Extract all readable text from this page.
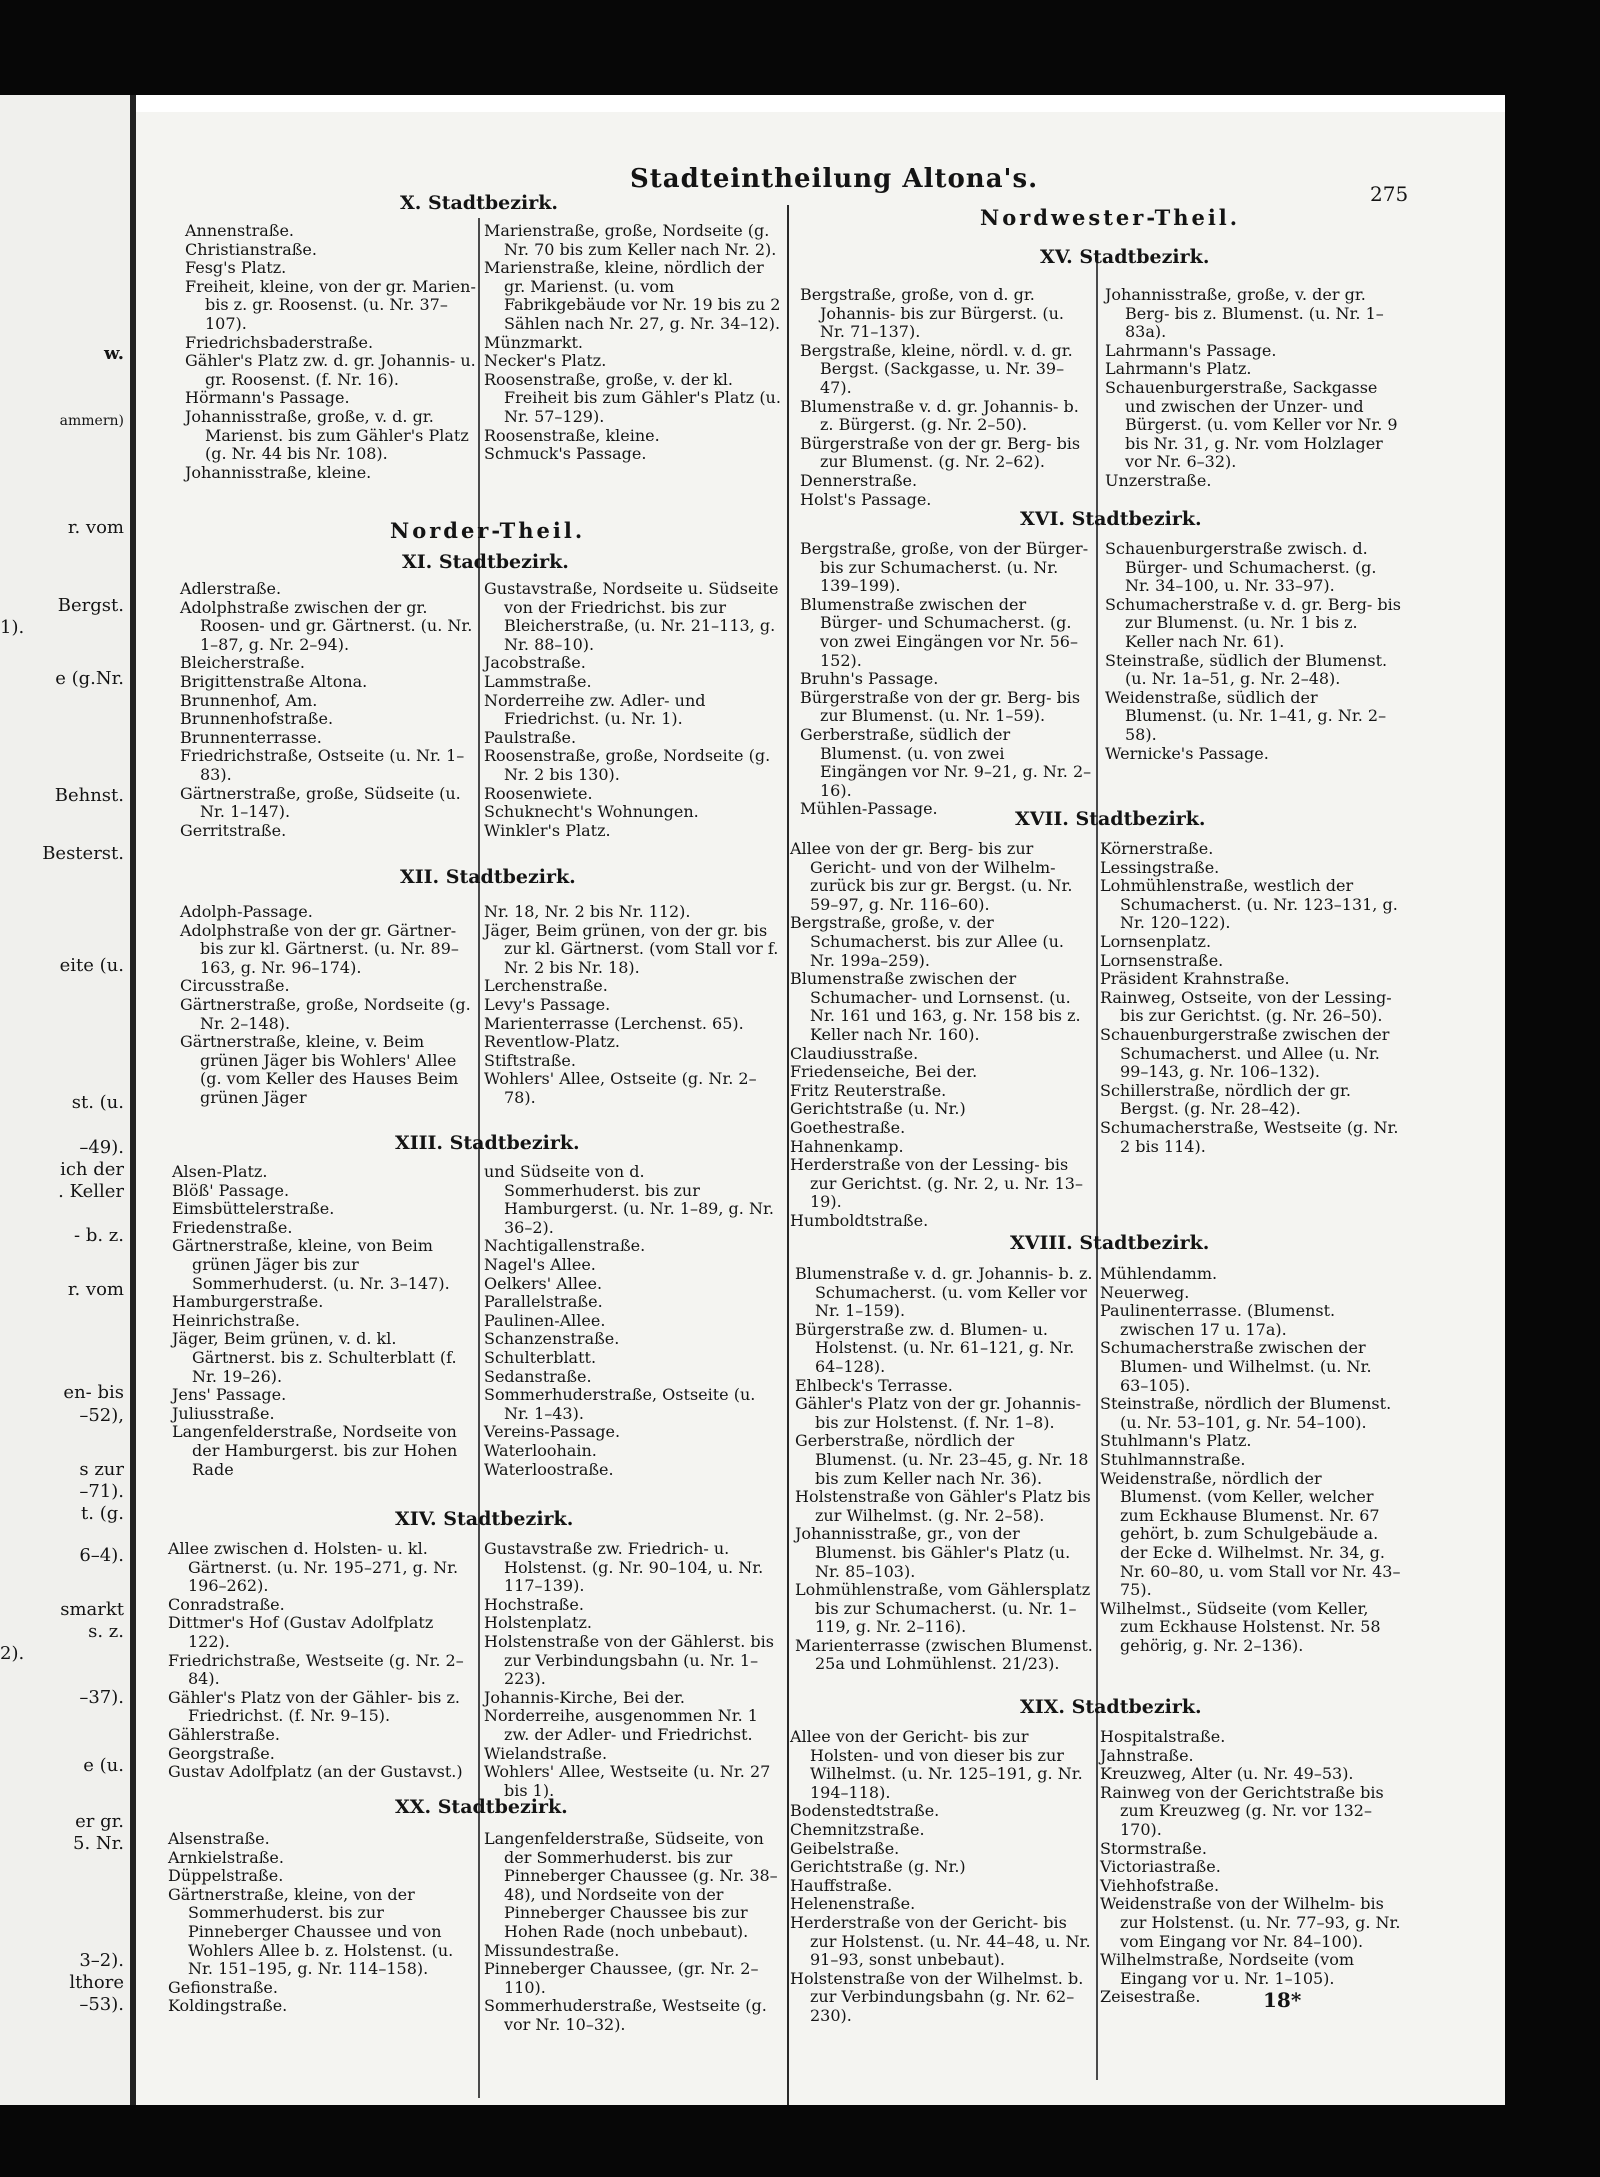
w.
ammern)
r. vom
Bergst.
1).
e (g.Nr.
Behnst.
Besterst.
eite (u.
st. (u.
–49).
ich der
. Keller
- b. z.
r. vom
en- bis
–52),
s zur
–71).
t. (g.
6–4).
smarkt
s. z.
2).
–37).
e (u.
er gr.
5. Nr.
3–2).
lthore
–53).
Stadteintheilung Altona's.	275
X. Stadtbezirk.

Annenstraße.

Christianstraße.

Fesg's Platz.

Freiheit, kleine, von der gr. Marien- bis z. gr. Roosenst. (u. Nr. 37–107).

Friedrichsbaderstraße.

Gähler's Platz zw. d. gr. Johannis- u. gr. Roosenst. (f. Nr. 16).

Hörmann's Passage.

Johannisstraße, große, v. d. gr. Marienst. bis zum Gähler's Platz (g. Nr. 44 bis Nr. 108).

Johannisstraße, kleine.

Marienstraße, große, Nordseite (g. Nr. 70 bis zum Keller nach Nr. 2).

Marienstraße, kleine, nördlich der gr. Marienst. (u. vom Fabrikgebäude vor Nr. 19 bis zu 2 Sählen nach Nr. 27, g. Nr. 34–12).

Münzmarkt.

Necker's Platz.

Roosenstraße, große, v. der kl. Freiheit bis zum Gähler's Platz (u. Nr. 57–129).

Roosenstraße, kleine.

Schmuck's Passage.

Norder-Theil.
XI. Stadtbezirk.

Adlerstraße.

Adolphstraße zwischen der gr. Roosen- und gr. Gärtnerst. (u. Nr. 1–87, g. Nr. 2–94).

Bleicherstraße.

Brigittenstraße Altona.

Brunnenhof, Am.

Brunnenhofstraße.

Brunnenterrasse.

Friedrichstraße, Ostseite (u. Nr. 1–83).

Gärtnerstraße, große, Südseite (u. Nr. 1–147).

Gerritstraße.

Gustavstraße, Nordseite u. Südseite von der Friedrichst. bis zur Bleicherstraße, (u. Nr. 21–113, g. Nr. 88–10).

Jacobstraße.

Lammstraße.

Norderreihe zw. Adler- und Friedrichst. (u. Nr. 1).

Paulstraße.

Roosenstraße, große, Nordseite (g. Nr. 2 bis 130).

Roosenwiete.

Schuknecht's Wohnungen.

Winkler's Platz.

XII. Stadtbezirk.

Adolph-Passage.

Adolphstraße von der gr. Gärtner- bis zur kl. Gärtnerst. (u. Nr. 89–163, g. Nr. 96–174).

Circusstraße.

Gärtnerstraße, große, Nordseite (g. Nr. 2–148).

Gärtnerstraße, kleine, v. Beim grünen Jäger bis Wohlers' Allee (g. vom Keller des Hauses Beim grünen Jäger

Nr. 18, Nr. 2 bis Nr. 112).

Jäger, Beim grünen, von der gr. bis zur kl. Gärtnerst. (vom Stall vor f. Nr. 2 bis Nr. 18).

Lerchenstraße.

Levy's Passage.

Marienterrasse (Lerchenst. 65).

Reventlow-Platz.

Stiftstraße.

Wohlers' Allee, Ostseite (g. Nr. 2–78).

XIII. Stadtbezirk.

Alsen-Platz.

Blöß' Passage.

Eimsbüttelerstraße.

Friedenstraße.

Gärtnerstraße, kleine, von Beim grünen Jäger bis zur Sommerhuderst. (u. Nr. 3–147).

Hamburgerstraße.

Heinrichstraße.

Jäger, Beim grünen, v. d. kl. Gärtnerst. bis z. Schulterblatt (f. Nr. 19–26).

Jens' Passage.

Juliusstraße.

Langenfelderstraße, Nordseite von der Hamburgerst. bis zur Hohen Rade

und Südseite von d. Sommerhuderst. bis zur Hamburgerst. (u. Nr. 1–89, g. Nr. 36–2).

Nachtigallenstraße.

Nagel's Allee.

Oelkers' Allee.

Parallelstraße.

Paulinen-Allee.

Schanzenstraße.

Schulterblatt.

Sedanstraße.

Sommerhuderstraße, Ostseite (u. Nr. 1–43).

Vereins-Passage.

Waterloohain.

Waterloostraße.

XIV. Stadtbezirk.

Allee zwischen d. Holsten- u. kl. Gärtnerst. (u. Nr. 195–271, g. Nr. 196–262).

Conradstraße.

Dittmer's Hof (Gustav Adolfplatz 122).

Friedrichstraße, Westseite (g. Nr. 2–84).

Gähler's Platz von der Gähler- bis z. Friedrichst. (f. Nr. 9–15).

Gählerstraße.

Georgstraße.

Gustav Adolfplatz (an der Gustavst.)

Gustavstraße zw. Friedrich- u. Holstenst. (g. Nr. 90–104, u. Nr. 117–139).

Hochstraße.

Holstenplatz.

Holstenstraße von der Gählerst. bis zur Verbindungsbahn (u. Nr. 1–223).

Johannis-Kirche, Bei der.

Norderreihe, ausgenommen Nr. 1 zw. der Adler- und Friedrichst.

Wielandstraße.

Wohlers' Allee, Westseite (u. Nr. 27 bis 1).

XX. Stadtbezirk.

Alsenstraße.

Arnkielstraße.

Düppelstraße.

Gärtnerstraße, kleine, von der Sommerhuderst. bis zur Pinneberger Chaussee und von Wohlers Allee b. z. Holstenst. (u. Nr. 151–195, g. Nr. 114–158).

Gefionstraße.

Koldingstraße.

Langenfelderstraße, Südseite, von der Sommerhuderst. bis zur Pinneberger Chaussee (g. Nr. 38–48), und Nordseite von der Pinneberger Chaussee bis zur Hohen Rade (noch unbebaut).

Missundestraße.

Pinneberger Chaussee, (gr. Nr. 2–110).

Sommerhuderstraße, Westseite (g. vor Nr. 10–32).

Nordwester-Theil.
XV. Stadtbezirk.

Bergstraße, große, von d. gr. Johannis- bis zur Bürgerst. (u. Nr. 71–137).

Bergstraße, kleine, nördl. v. d. gr. Bergst. (Sackgasse, u. Nr. 39–47).

Blumenstraße v. d. gr. Johannis- b. z. Bürgerst. (g. Nr. 2–50).

Bürgerstraße von der gr. Berg- bis zur Blumenst. (g. Nr. 2–62).

Dennerstraße.

Holst's Passage.

Johannisstraße, große, v. der gr. Berg- bis z. Blumenst. (u. Nr. 1–83a).

Lahrmann's Passage.

Lahrmann's Platz.

Schauenburgerstraße, Sackgasse und zwischen der Unzer- und Bürgerst. (u. vom Keller vor Nr. 9 bis Nr. 31, g. Nr. vom Holzlager vor Nr. 6–32).

Unzerstraße.

XVI. Stadtbezirk.

Bergstraße, große, von der Bürger- bis zur Schumacherst. (u. Nr. 139–199).

Blumenstraße zwischen der Bürger- und Schumacherst. (g. von zwei Eingängen vor Nr. 56–152).

Bruhn's Passage.

Bürgerstraße von der gr. Berg- bis zur Blumenst. (u. Nr. 1–59).

Gerberstraße, südlich der Blumenst. (u. von zwei Eingängen vor Nr. 9–21, g. Nr. 2–16).

Mühlen-Passage.

Schauenburgerstraße zwisch. d. Bürger- und Schumacherst. (g. Nr. 34–100, u. Nr. 33–97).

Schumacherstraße v. d. gr. Berg- bis zur Blumenst. (u. Nr. 1 bis z. Keller nach Nr. 61).

Steinstraße, südlich der Blumenst. (u. Nr. 1a–51, g. Nr. 2–48).

Weidenstraße, südlich der Blumenst. (u. Nr. 1–41, g. Nr. 2–58).

Wernicke's Passage.

XVII. Stadtbezirk.

Allee von der gr. Berg- bis zur Gericht- und von der Wilhelm- zurück bis zur gr. Bergst. (u. Nr. 59–97, g. Nr. 116–60).

Bergstraße, große, v. der Schumacherst. bis zur Allee (u. Nr. 199a–259).

Blumenstraße zwischen der Schumacher- und Lornsenst. (u. Nr. 161 und 163, g. Nr. 158 bis z. Keller nach Nr. 160).

Claudiusstraße.

Friedenseiche, Bei der.

Fritz Reuterstraße.

Gerichtstraße (u. Nr.)

Goethestraße.

Hahnenkamp.

Herderstraße von der Lessing- bis zur Gerichtst. (g. Nr. 2, u. Nr. 13–19).

Humboldtstraße.

Körnerstraße.

Lessingstraße.

Lohmühlenstraße, westlich der Schumacherst. (u. Nr. 123–131, g. Nr. 120–122).

Lornsenplatz.

Lornsenstraße.

Präsident Krahnstraße.

Rainweg, Ostseite, von der Lessing- bis zur Gerichtst. (g. Nr. 26–50).

Schauenburgerstraße zwischen der Schumacherst. und Allee (u. Nr. 99–143, g. Nr. 106–132).

Schillerstraße, nördlich der gr. Bergst. (g. Nr. 28–42).

Schumacherstraße, Westseite (g. Nr. 2 bis 114).

XVIII. Stadtbezirk.

Blumenstraße v. d. gr. Johannis- b. z. Schumacherst. (u. vom Keller vor Nr. 1–159).

Bürgerstraße zw. d. Blumen- u. Holstenst. (u. Nr. 61–121, g. Nr. 64–128).

Ehlbeck's Terrasse.

Gähler's Platz von der gr. Johannis- bis zur Holstenst. (f. Nr. 1–8).

Gerberstraße, nördlich der Blumenst. (u. Nr. 23–45, g. Nr. 18 bis zum Keller nach Nr. 36).

Holstenstraße von Gähler's Platz bis zur Wilhelmst. (g. Nr. 2–58).

Johannisstraße, gr., von der Blumenst. bis Gähler's Platz (u. Nr. 85–103).

Lohmühlenstraße, vom Gählersplatz bis zur Schumacherst. (u. Nr. 1–119, g. Nr. 2–116).

Marienterrasse (zwischen Blumenst. 25a und Lohmühlenst. 21/23).

Mühlendamm.

Neuerweg.

Paulinenterrasse. (Blumenst. zwischen 17 u. 17a).

Schumacherstraße zwischen der Blumen- und Wilhelmst. (u. Nr. 63–105).

Steinstraße, nördlich der Blumenst. (u. Nr. 53–101, g. Nr. 54–100).

Stuhlmann's Platz.

Stuhlmannstraße.

Weidenstraße, nördlich der Blumenst. (vom Keller, welcher zum Eckhause Blumenst. Nr. 67 gehört, b. zum Schulgebäude a. der Ecke d. Wilhelmst. Nr. 34, g. Nr. 60–80, u. vom Stall vor Nr. 43–75).

Wilhelmst., Südseite (vom Keller, zum Eckhause Holstenst. Nr. 58 gehörig, g. Nr. 2–136).

XIX. Stadtbezirk.

Allee von der Gericht- bis zur Holsten- und von dieser bis zur Wilhelmst. (u. Nr. 125–191, g. Nr. 194–118).

Bodenstedtstraße.

Chemnitzstraße.

Geibelstraße.

Gerichtstraße (g. Nr.)

Hauffstraße.

Helenenstraße.

Herderstraße von der Gericht- bis zur Holstenst. (u. Nr. 44–48, u. Nr. 91–93, sonst unbebaut).

Holstenstraße von der Wilhelmst. b. zur Verbindungsbahn (g. Nr. 62–230).

Hospitalstraße.

Jahnstraße.

Kreuzweg, Alter (u. Nr. 49–53).

Rainweg von der Gerichtstraße bis zum Kreuzweg (g. Nr. vor 132–170).

Stormstraße.

Victoriastraße.

Viehhofstraße.

Weidenstraße von der Wilhelm- bis zur Holstenst. (u. Nr. 77–93, g. Nr. vom Eingang vor Nr. 84–100).

Wilhelmstraße, Nordseite (vom Eingang vor u. Nr. 1–105).

Zeisestraße.	18*
